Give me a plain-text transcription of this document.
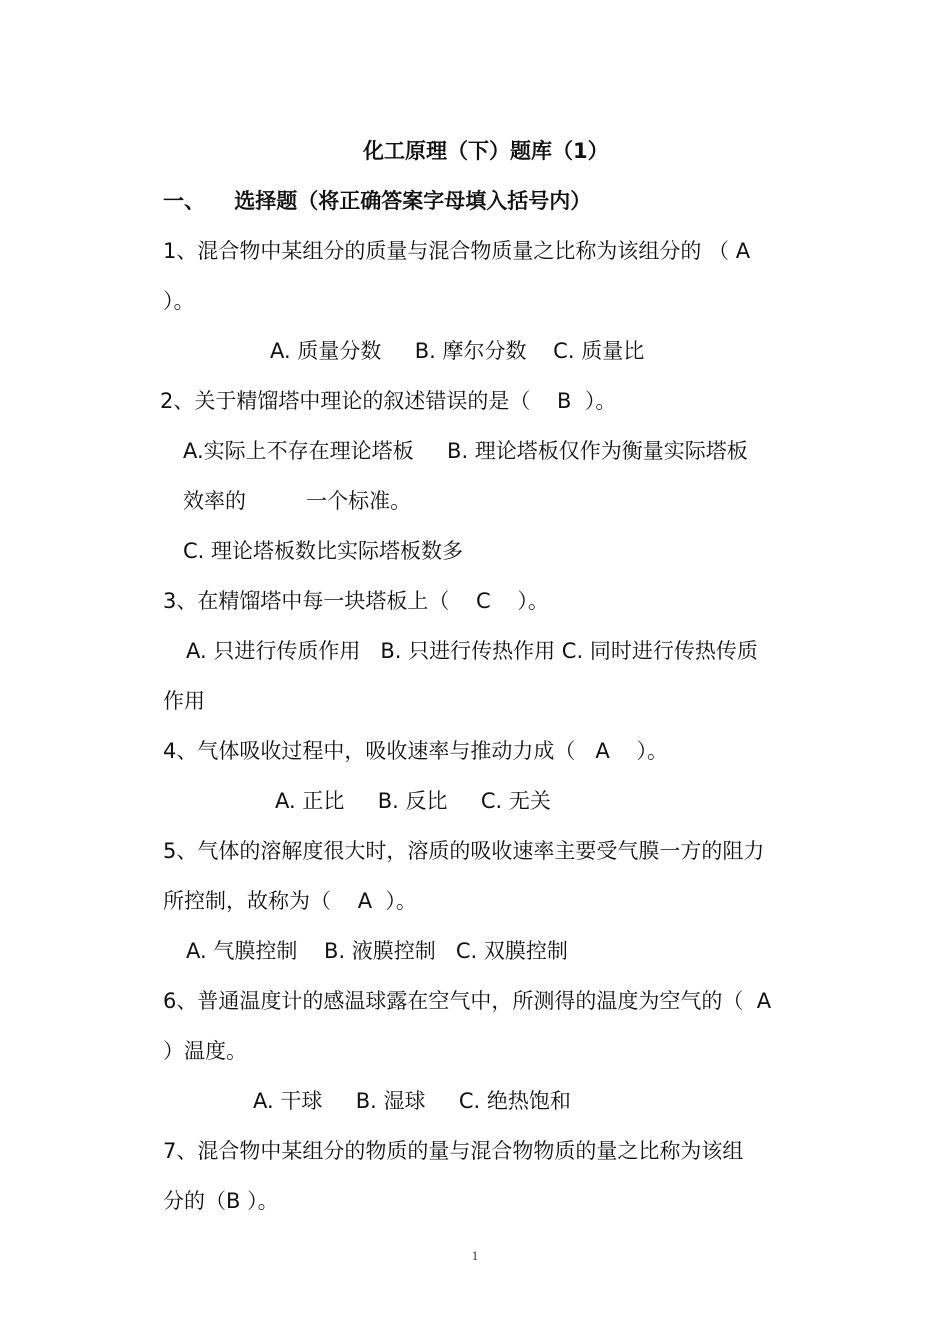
化工原理（下）题库（1）
一、    选择题（将正确答案字母填入括号内）
1、混合物中某组分的质量与混合物质量之比称为该组分的 （ A
）。
A. 质量分数     B. 摩尔分数    C. 质量比
2、关于精馏塔中理论的叙述错误的是（    B  ）。
A.实际上不存在理论塔板     B. 理论塔板仅作为衡量实际塔板
效率的         一个标准。
C. 理论塔板数比实际塔板数多
3、在精馏塔中每一块塔板上（    C    ）。
A. 只进行传质作用   B. 只进行传热作用 C. 同时进行传热传质
作用
4、气体吸收过程中，吸收速率与推动力成（   A    ）。
A. 正比     B. 反比     C. 无关
5、气体的溶解度很大时，溶质的吸收速率主要受气膜一方的阻力
所控制，故称为（    A  ）。
A. 气膜控制    B. 液膜控制   C. 双膜控制
6、普通温度计的感温球露在空气中，所测得的温度为空气的（  A
）温度。
A. 干球     B. 湿球     C. 绝热饱和
7、混合物中某组分的物质的量与混合物物质的量之比称为该组
分的（B ）。
1
